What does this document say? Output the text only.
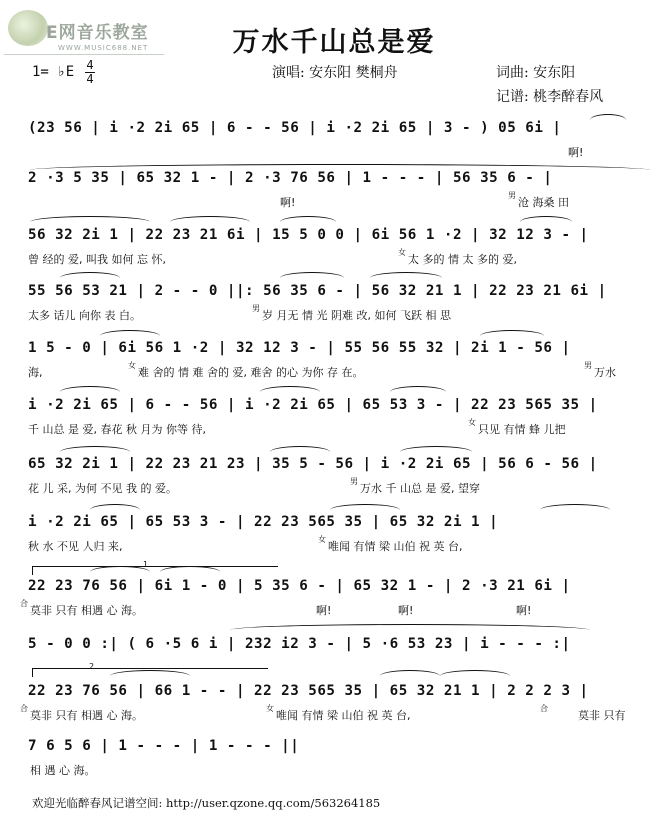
E网音乐教室
WWW.MUSIC688.NET	万水千山总是爱
1= ♭E 4
4	演唱: 安东阳 樊桐舟	词曲: 安东阳
记谱: 桃李醉春风
(23 56 | i ·2 2i 65 | 6 - - 56 | i ·2 2i 65 | 3 - ) 05 6i |
啊!
2 ·3 5 35 | 65 32 1 - | 2 ·3 76 56 | 1 - - - | 56 35 6 - |
啊!
男
沧 海桑 田
56 32 2i 1 | 22 23 21 6i | 15 5 0 0 | 6i 56 1 ·2 | 32 12 3 - |
曾 经的 爱, 叫我 如何 忘 怀,
女
太 多的 情 太 多的 爱,
55 56 53 21 | 2 - - 0 ||: 56 35 6 - | 56 32 21 1 | 22 23 21 6i |
太多 话儿 向你 表 白。
男
岁 月无 情 光 阴难 改, 如何 飞跃 相 思
1 5 - 0 | 6i 56 1 ·2 | 32 12 3 - | 55 56 55 32 | 2i 1 - 56 |
海,
女
难 舍的 情 难 舍的 爱, 难舍 的心 为你 存 在。
男
万水
i ·2 2i 65 | 6 - - 56 | i ·2 2i 65 | 65 53 3 - | 22 23 565 35 |
千 山总 是 爱, 春花 秋 月为 你等 待,
女
只见 有情 蜂 儿把
65 32 2i 1 | 22 23 21 23 | 35 5 - 56 | i ·2 2i 65 | 56 6 - 56 |
花 儿 采, 为何 不见 我 的 爱。
男
万水 千 山总 是 爱, 望穿
i ·2 2i 65 | 65 53 3 - | 22 23 565 35 | 65 32 2i 1 |
秋 水 不见 人归 来,
女
唯闻 有情 梁 山伯 祝 英 台,
22 23 76 56 | 6i 1 - 0 | 5 35 6 - | 65 32 1 - | 2 ·3 21 6i |
合
莫非 只有 相遇 心 海。	啊!	啊!	啊!
5 - 0 0 :| ( 6 ·5 6 i | 232 i2 3 - | 5 ·6 53 23 | i - - - :|
22 23 76 56 | 66 1 - - | 22 23 565 35 | 65 32 21 1 | 2 2 2 3 |
合
莫非 只有 相遇 心 海。
女
唯闻 有情 梁 山伯 祝 英 台,
合
莫非 只有
7 6 5 6 | 1 - - - | 1 - - - ||
相 遇 心 海。
1
2
欢迎光临醉春风记谱空间: http://user.qzone.qq.com/563264185
